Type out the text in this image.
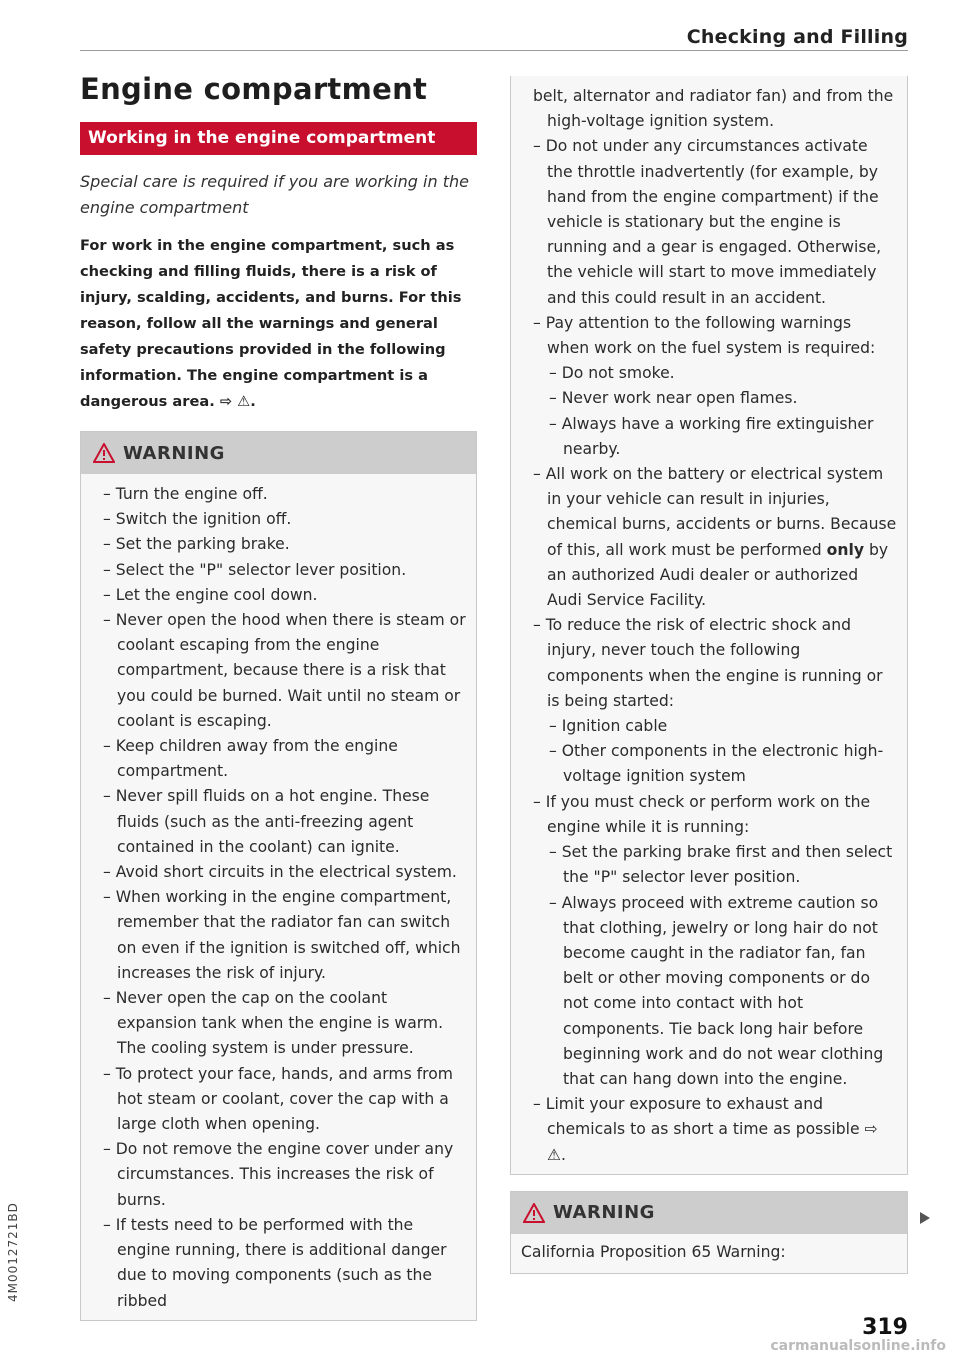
Checking and Filling
Engine compartment
Working in the engine compartment
Special care is required if you are working in the engine compartment
For work in the engine compartment, such as checking and filling fluids, there is a risk of injury, scalding, accidents, and burns. For this reason, follow all the warnings and general safety precautions provided in the following information. The engine compartment is a dangerous area. ⇨ ⚠.
WARNING
– Turn the engine off.
– Switch the ignition off.
– Set the parking brake.
– Select the "P" selector lever position.
– Let the engine cool down.
– Never open the hood when there is steam or coolant escaping from the engine compartment, because there is a risk that you could be burned. Wait until no steam or coolant is escaping.
– Keep children away from the engine compartment.
– Never spill fluids on a hot engine. These fluids (such as the anti-freezing agent contained in the coolant) can ignite.
– Avoid short circuits in the electrical system.
– When working in the engine compartment, remember that the radiator fan can switch on even if the ignition is switched off, which increases the risk of injury.
– Never open the cap on the coolant expansion tank when the engine is warm. The cooling system is under pressure.
– To protect your face, hands, and arms from hot steam or coolant, cover the cap with a large cloth when opening.
– Do not remove the engine cover under any circumstances. This increases the risk of burns.
– If tests need to be performed with the engine running, there is additional danger due to moving components (such as the ribbed
belt, alternator and radiator fan) and from the high-voltage ignition system.
– Do not under any circumstances activate the throttle inadvertently (for example, by hand from the engine compartment) if the vehicle is stationary but the engine is running and a gear is engaged. Otherwise, the vehicle will start to move immediately and this could result in an accident.
– Pay attention to the following warnings when work on the fuel system is required:
– Do not smoke.
– Never work near open flames.
– Always have a working fire extinguisher nearby.
– All work on the battery or electrical system in your vehicle can result in injuries, chemical burns, accidents or burns. Because of this, all work must be performed only by an authorized Audi dealer or authorized Audi Service Facility.
– To reduce the risk of electric shock and injury, never touch the following components when the engine is running or is being started:
– Ignition cable
– Other components in the electronic high-voltage ignition system
– If you must check or perform work on the engine while it is running:
– Set the parking brake first and then select the "P" selector lever position.
– Always proceed with extreme caution so that clothing, jewelry or long hair do not become caught in the radiator fan, fan belt or other moving components or do not come into contact with hot components. Tie back long hair before beginning work and do not wear clothing that can hang down into the engine.
– Limit your exposure to exhaust and chemicals to as short a time as possible ⇨ ⚠.
WARNING
California Proposition 65 Warning:
4M0012721BD
319
carmanualsonline.info
